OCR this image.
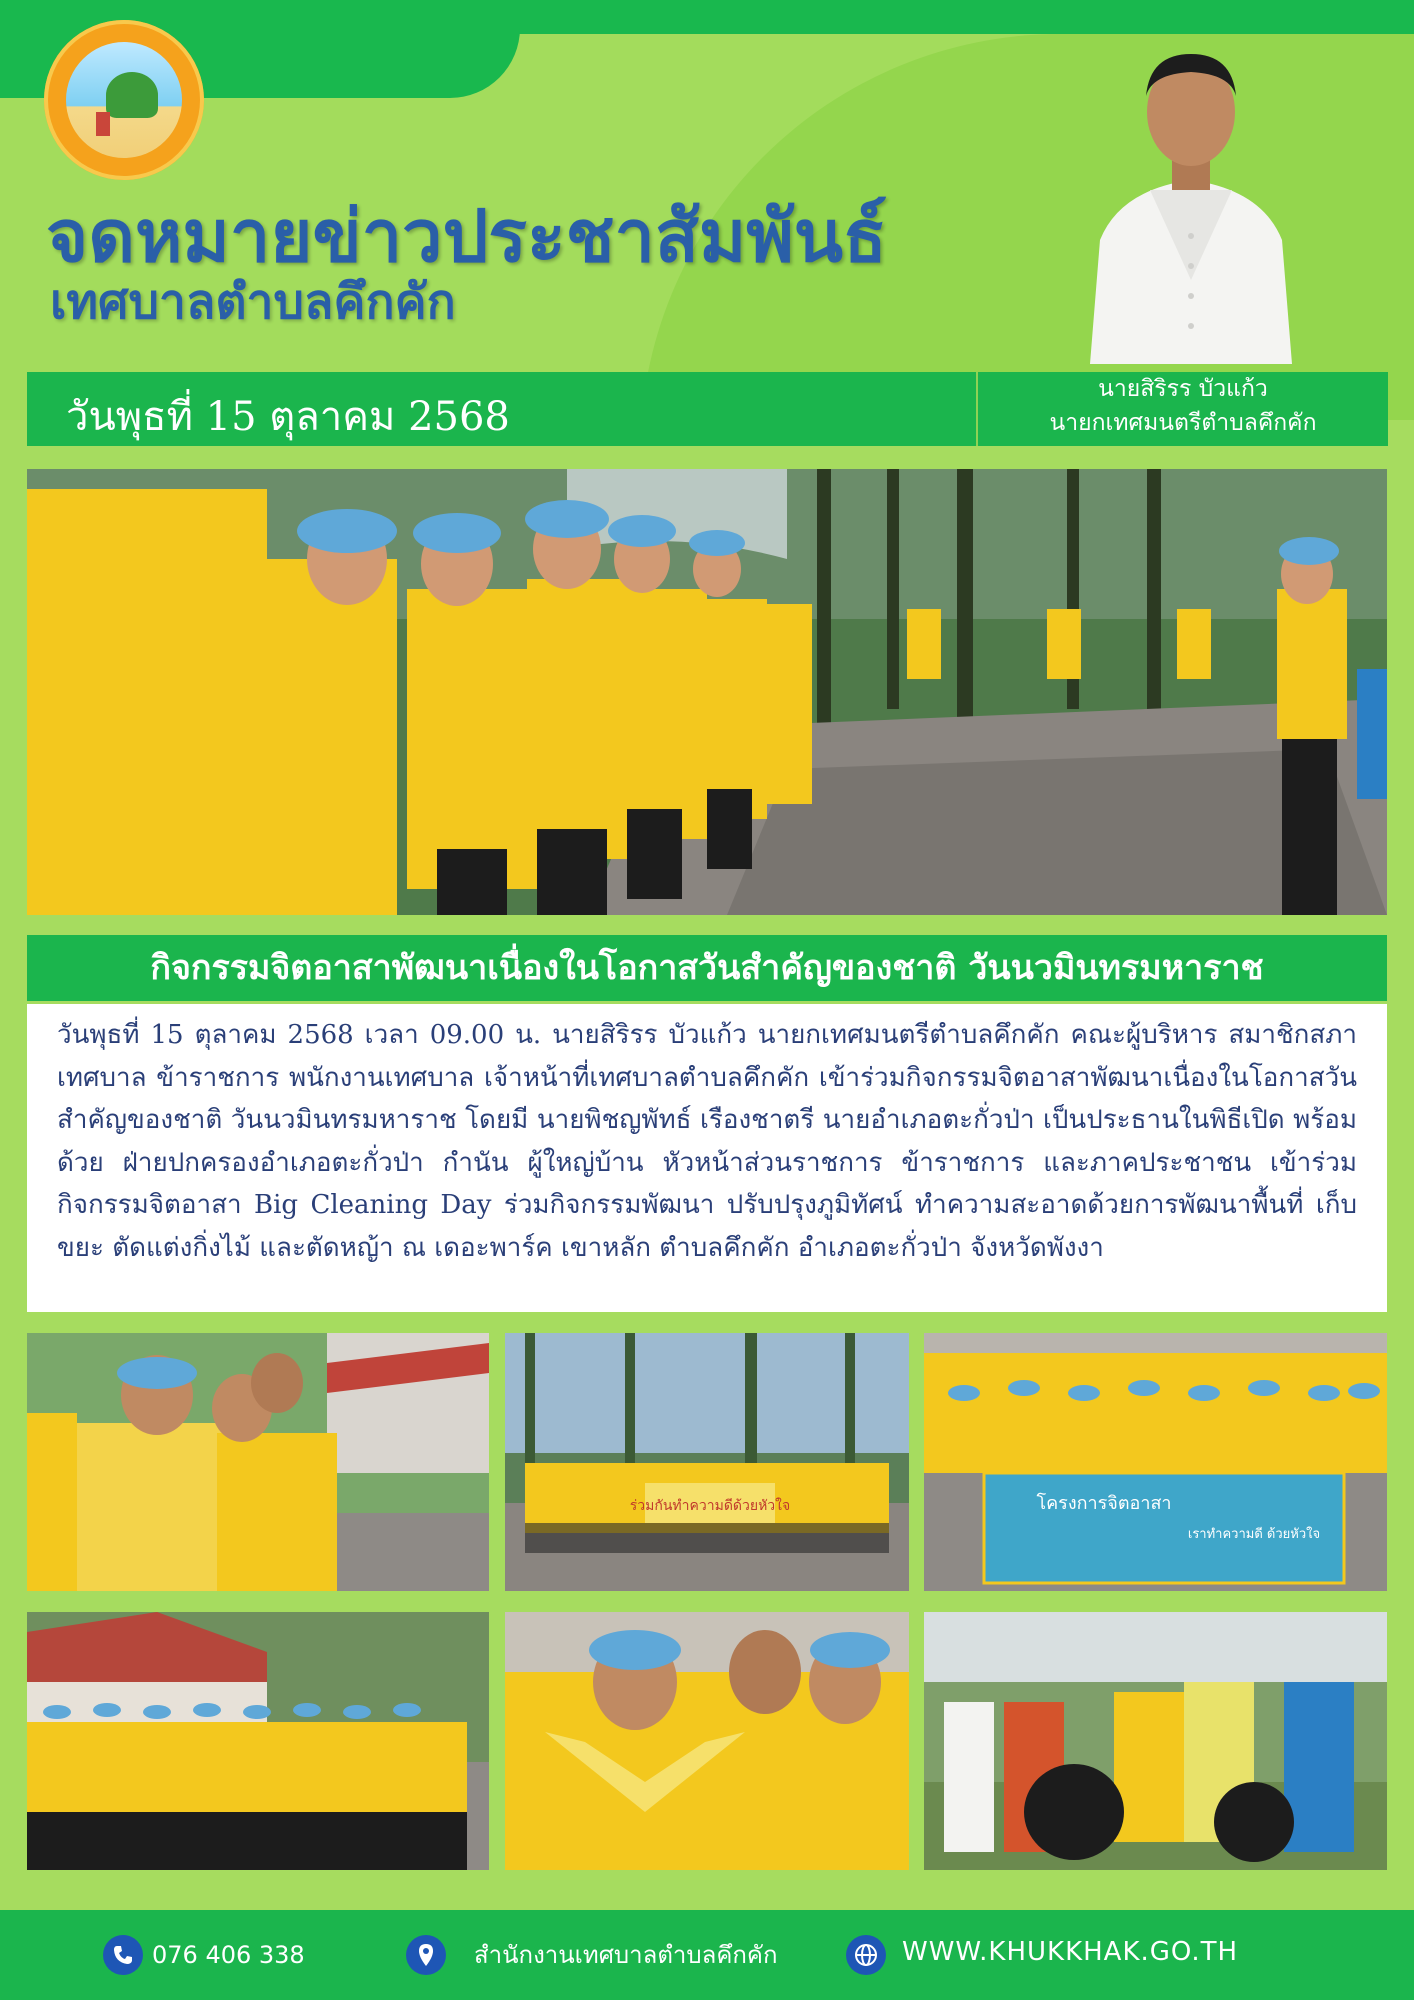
จดหมายข่าวประชาสัมพันธ์
เทศบาลตำบลคึกคัก
วันพุธที่ 15 ตุลาคม 2568
นายสิริรร บัวแก้ว
นายกเทศมนตรีตำบลคึกคัก
กิจกรรมจิตอาสาพัฒนาเนื่องในโอกาสวันสำคัญของชาติ วันนวมินทรมหาราช

วันพุธที่ 15 ตุลาคม 2568 เวลา 09.00 น. นายสิริรร บัวแก้ว นายกเทศมนตรีตำบลคึกคัก คณะผู้บริหาร สมาชิกสภาเทศบาล ข้าราชการ พนักงานเทศบาล เจ้าหน้าที่เทศบาลตำบลคึกคัก เข้าร่วมกิจกรรมจิตอาสาพัฒนาเนื่องในโอกาสวันสำคัญของชาติ วันนวมินทรมหาราช โดยมี นายพิชญพัทธ์ เรืองชาตรี นายอำเภอตะกั่วป่า เป็นประธานในพิธีเปิด พร้อมด้วย ฝ่ายปกครองอำเภอตะกั่วป่า กำนัน ผู้ใหญ่บ้าน หัวหน้าส่วนราชการ ข้าราชการ และภาคประชาชน เข้าร่วมกิจกรรมจิตอาสา Big Cleaning Day ร่วมกิจกรรมพัฒนา ปรับปรุงภูมิทัศน์ ทำความสะอาดด้วยการพัฒนาพื้นที่ เก็บขยะ ตัดแต่งกิ่งไม้ และตัดหญ้า ณ เดอะพาร์ค เขาหลัก ตำบลคึกคัก อำเภอตะกั่วป่า จังหวัดพังงา

ร่วมกันทำความดีด้วยหัวใจ	โครงการจิตอาสา
เราทำความดี ด้วยหัวใจ
076 406 338	สำนักงานเทศบาลตำบลคึกคัก	WWW.KHUKKHAK.GO.TH
